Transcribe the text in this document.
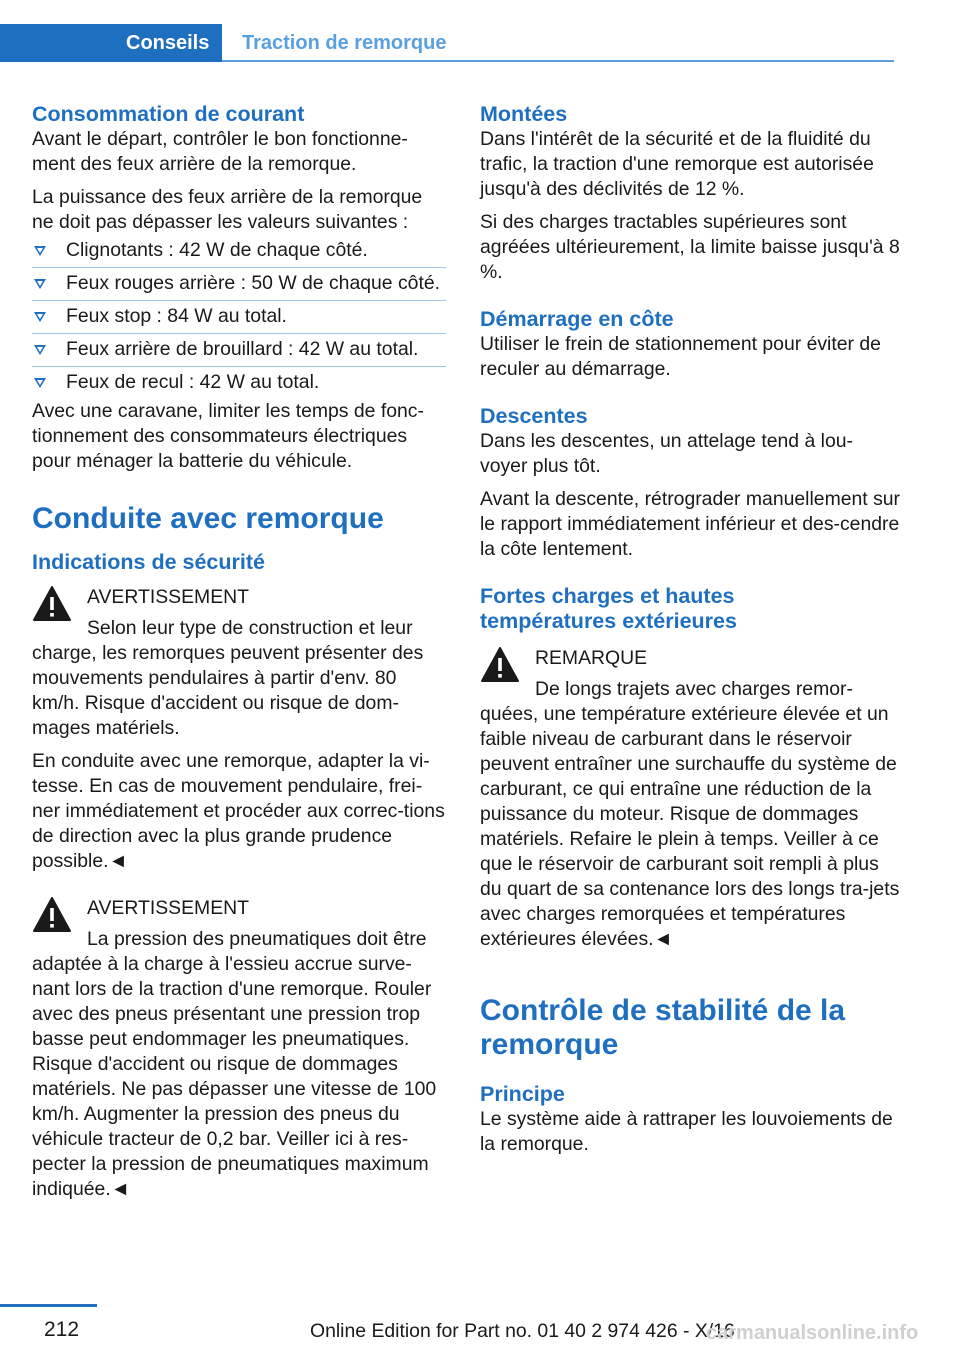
Conseils	Traction de remorque
Consommation de courant

Avant le départ, contrôler le bon fonctionne-ment des feux arrière de la remorque.

La puissance des feux arrière de la remorque ne doit pas dépasser les valeurs suivantes :

Clignotants : 42 W de chaque côté.
Feux rouges arrière : 50 W de chaque côté.
Feux stop : 84 W au total.
Feux arrière de brouillard : 42 W au total.
Feux de recul : 42 W au total.

Avec une caravane, limiter les temps de fonc-tionnement des consommateurs électriques pour ménager la batterie du véhicule.

Conduite avec remorque
Indications de sécurité
AVERTISSEMENT

Selon leur type de construction et leur charge, les remorques peuvent présenter des mouvements pendulaires à partir d'env. 80 km/h. Risque d'accident ou risque de dom-mages matériels.

En conduite avec une remorque, adapter la vi-tesse. En cas de mouvement pendulaire, frei-ner immédiatement et procéder aux correc-tions de direction avec la plus grande prudence possible.◄

AVERTISSEMENT

La pression des pneumatiques doit être adaptée à la charge à l'essieu accrue surve-nant lors de la traction d'une remorque. Rouler avec des pneus présentant une pression trop basse peut endommager les pneumatiques. Risque d'accident ou risque de dommages matériels. Ne pas dépasser une vitesse de 100 km/h. Augmenter la pression des pneus du véhicule tracteur de 0,2 bar. Veiller ici à res-pecter la pression de pneumatiques maximum indiquée.◄

Montées

Dans l'intérêt de la sécurité et de la fluidité du trafic, la traction d'une remorque est autorisée jusqu'à des déclivités de 12 %.

Si des charges tractables supérieures sont agréées ultérieurement, la limite baisse jusqu'à 8 %.

Démarrage en côte

Utiliser le frein de stationnement pour éviter de reculer au démarrage.

Descentes

Dans les descentes, un attelage tend à lou-voyer plus tôt.

Avant la descente, rétrograder manuellement sur le rapport immédiatement inférieur et des-cendre la côte lentement.

Fortes charges et hautes températures extérieures
REMARQUE

De longs trajets avec charges remor-quées, une température extérieure élevée et un faible niveau de carburant dans le réservoir peuvent entraîner une surchauffe du système de carburant, ce qui entraîne une réduction de la puissance du moteur. Risque de dommages matériels. Refaire le plein à temps. Veiller à ce que le réservoir de carburant soit rempli à plus du quart de sa contenance lors des longs tra-jets avec charges remorquées et températures extérieures élevées.◄

Contrôle de stabilité de la remorque
Principe

Le système aide à rattraper les louvoiements de la remorque.

212	Online Edition for Part no. 01 40 2 974 426 - X/16
carmanualsonline.info
